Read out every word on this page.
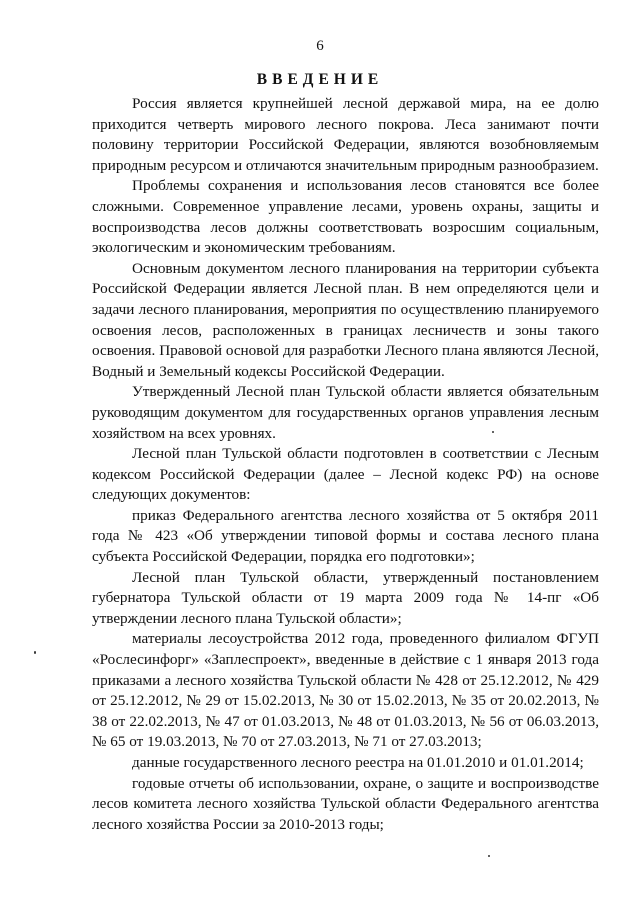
6
ВВЕДЕНИЕ

Россия является крупнейшей лесной державой мира, на ее долю приходится четверть мирового лесного покрова. Леса занимают почти половину территории Российской Федерации, являются возобновляемым природным ресурсом и отличаются значительным природным разнообразием.

Проблемы сохранения и использования лесов становятся все более сложными. Современное управление лесами, уровень охраны, защиты и воспроизводства лесов должны соответствовать возросшим социальным, экологическим и экономическим требованиям.

Основным документом лесного планирования на территории субъекта Российской Федерации является Лесной план. В нем определяются цели и задачи лесного планирования, мероприятия по осуществлению планируемого освоения лесов, расположенных в границах лесничеств и зоны такого освоения. Правовой основой для разработки Лесного плана являются Лесной, Водный и Земельный кодексы Российской Федерации.

Утвержденный Лесной план Тульской области является обязательным руководящим документом для государственных органов управления лесным хозяйством на всех уровнях.

Лесной план Тульской области подготовлен в соответствии с Лесным кодексом Российской Федерации (далее – Лесной кодекс РФ) на основе следующих документов:

приказ Федерального агентства лесного хозяйства от 5 октября 2011 года № 423 «Об утверждении типовой формы и состава лесного плана субъекта Российской Федерации, порядка его подготовки»;

Лесной план Тульской области, утвержденный постановлением губернатора Тульской области от 19 марта 2009 года № 14-пг «Об утверждении лесного плана Тульской области»;

материалы лесоустройства 2012 года, проведенного филиалом ФГУП «Рослесинфорг» «Заплеспроект», введенные в действие с 1 января 2013 года приказами а лесного хозяйства Тульской области № 428 от 25.12.2012, № 429 от 25.12.2012, № 29 от 15.02.2013, № 30 от 15.02.2013, № 35 от 20.02.2013, № 38 от 22.02.2013, № 47 от 01.03.2013, № 48 от 01.03.2013, № 56 от 06.03.2013, № 65 от 19.03.2013, № 70 от 27.03.2013, № 71 от 27.03.2013;

данные государственного лесного реестра на 01.01.2010 и 01.01.2014;

годовые отчеты об использовании, охране, о защите и воспроизводстве лесов комитета лесного хозяйства Тульской области Федерального агентства лесного хозяйства России за 2010-2013 годы;
